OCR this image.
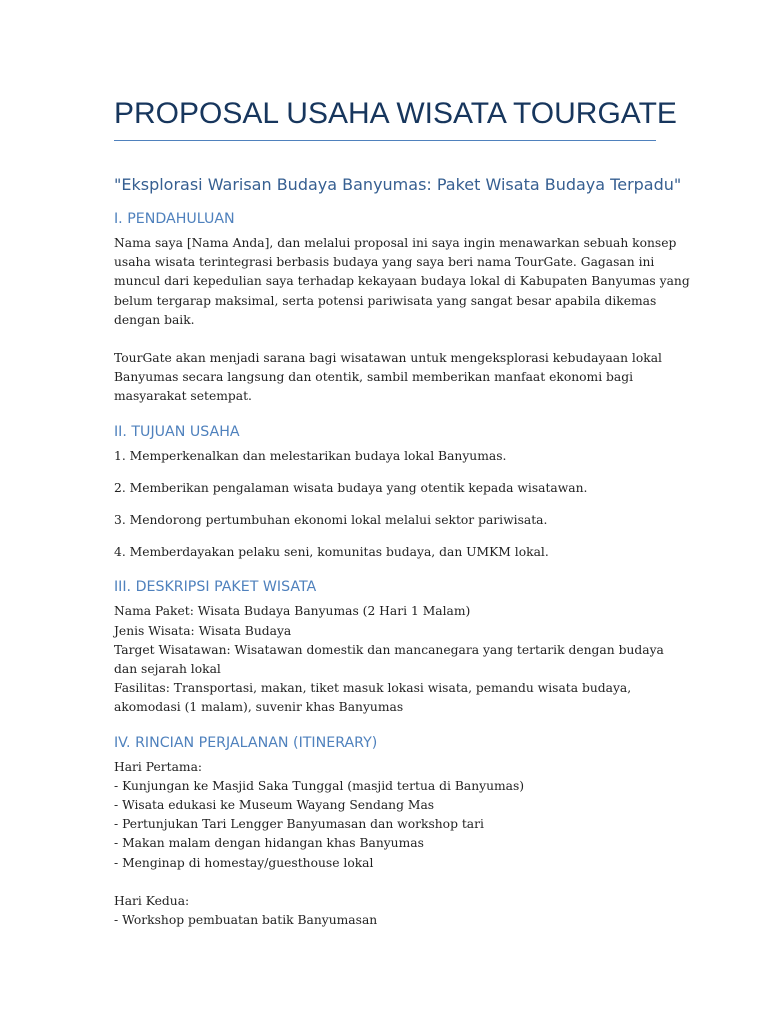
PROPOSAL USAHA WISATA TOURGATE
"Eksplorasi Warisan Budaya Banyumas: Paket Wisata Budaya Terpadu"
I. PENDAHULUAN

Nama saya [Nama Anda], dan melalui proposal ini saya ingin menawarkan sebuah konsep
usaha wisata terintegrasi berbasis budaya yang saya beri nama TourGate. Gagasan ini
muncul dari kepedulian saya terhadap kekayaan budaya lokal di Kabupaten Banyumas yang
belum tergarap maksimal, serta potensi pariwisata yang sangat besar apabila dikemas
dengan baik.

TourGate akan menjadi sarana bagi wisatawan untuk mengeksplorasi kebudayaan lokal
Banyumas secara langsung dan otentik, sambil memberikan manfaat ekonomi bagi
masyarakat setempat.

II. TUJUAN USAHA

1. Memperkenalkan dan melestarikan budaya lokal Banyumas.

2. Memberikan pengalaman wisata budaya yang otentik kepada wisatawan.

3. Mendorong pertumbuhan ekonomi lokal melalui sektor pariwisata.

4. Memberdayakan pelaku seni, komunitas budaya, dan UMKM lokal.

III. DESKRIPSI PAKET WISATA

Nama Paket: Wisata Budaya Banyumas (2 Hari 1 Malam)
Jenis Wisata: Wisata Budaya
Target Wisatawan: Wisatawan domestik dan mancanegara yang tertarik dengan budaya
dan sejarah lokal
Fasilitas: Transportasi, makan, tiket masuk lokasi wisata, pemandu wisata budaya,
akomodasi (1 malam), suvenir khas Banyumas

IV. RINCIAN PERJALANAN (ITINERARY)

Hari Pertama:
- Kunjungan ke Masjid Saka Tunggal (masjid tertua di Banyumas)
- Wisata edukasi ke Museum Wayang Sendang Mas
- Pertunjukan Tari Lengger Banyumasan dan workshop tari
- Makan malam dengan hidangan khas Banyumas
- Menginap di homestay/guesthouse lokal

Hari Kedua:
- Workshop pembuatan batik Banyumasan
